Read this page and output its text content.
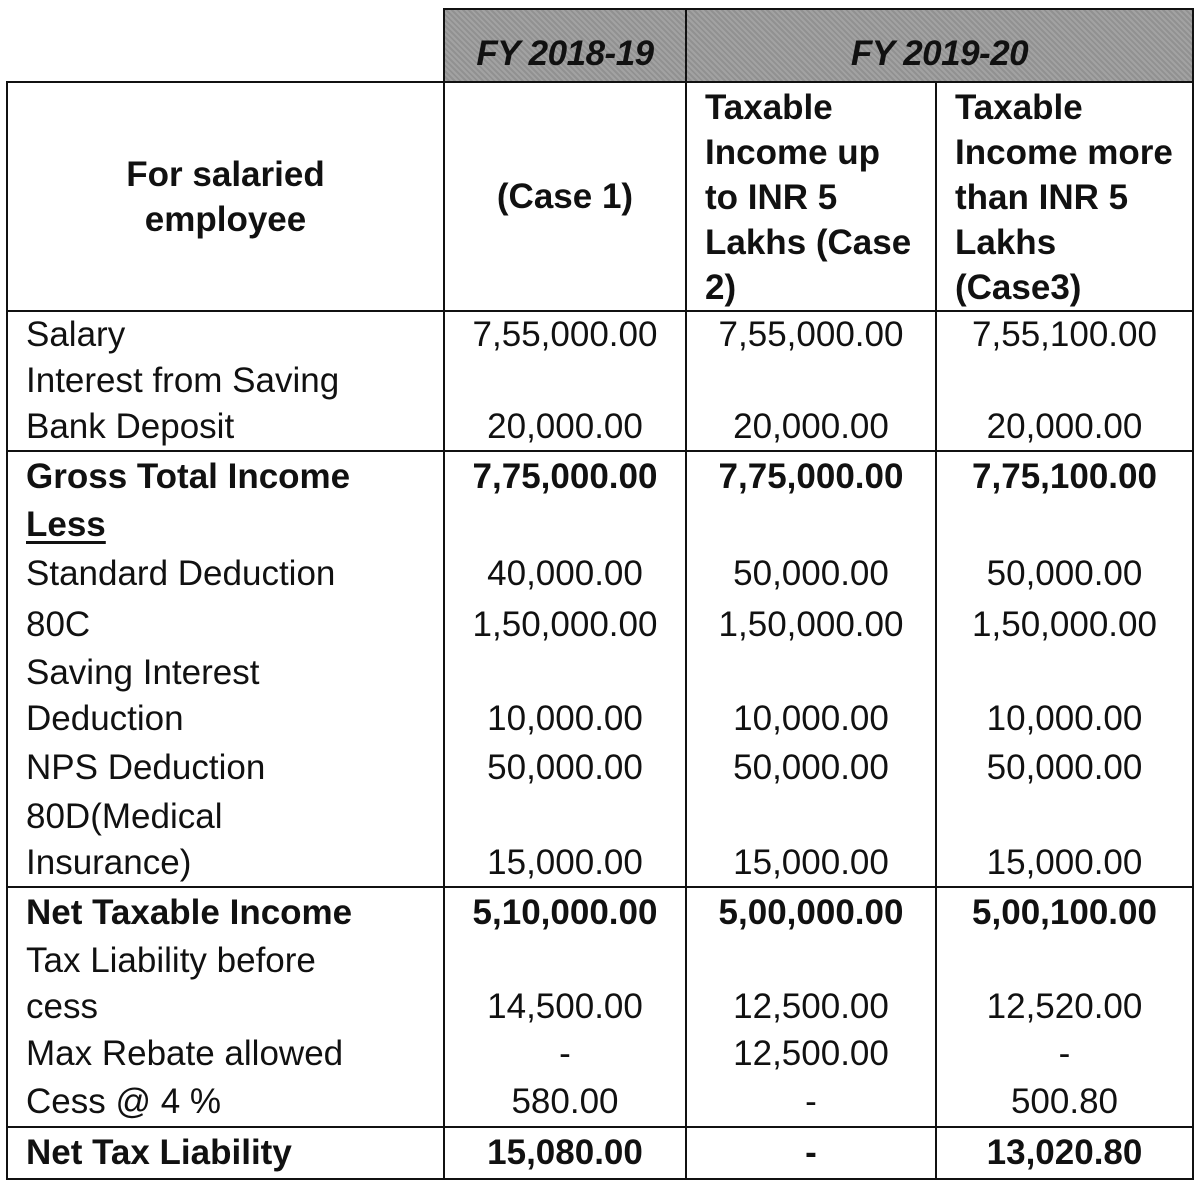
	FY 2018-19	FY 2019-20	

For salaried employee	(Case 1)	Taxable Income up to INR 5 Lakhs (Case 2)	Taxable Income more than INR 5 Lakhs (Case3)

Salary	7,55,000.00	7,55,000.00	7,55,100.00

Interest from Saving
Bank Deposit	20,000.00	20,000.00	20,000.00
Gross Total Income	7,75,000.00	7,75,000.00	7,75,100.00
Less			
Standard Deduction	40,000.00	50,000.00	50,000.00
80C	1,50,000.00	1,50,000.00	1,50,000.00

Saving Interest
Deduction	10,000.00	10,000.00	10,000.00
NPS Deduction	50,000.00	50,000.00	50,000.00

80D(Medical
Insurance)	15,000.00	15,000.00	15,000.00
Net Taxable Income	5,10,000.00	5,00,000.00	5,00,100.00

Tax Liability before
cess	14,500.00	12,500.00	12,520.00
Max Rebate allowed	-	12,500.00	-
Cess @ 4 %	580.00	-	500.80
Net Tax Liability	15,080.00	-	13,020.80
